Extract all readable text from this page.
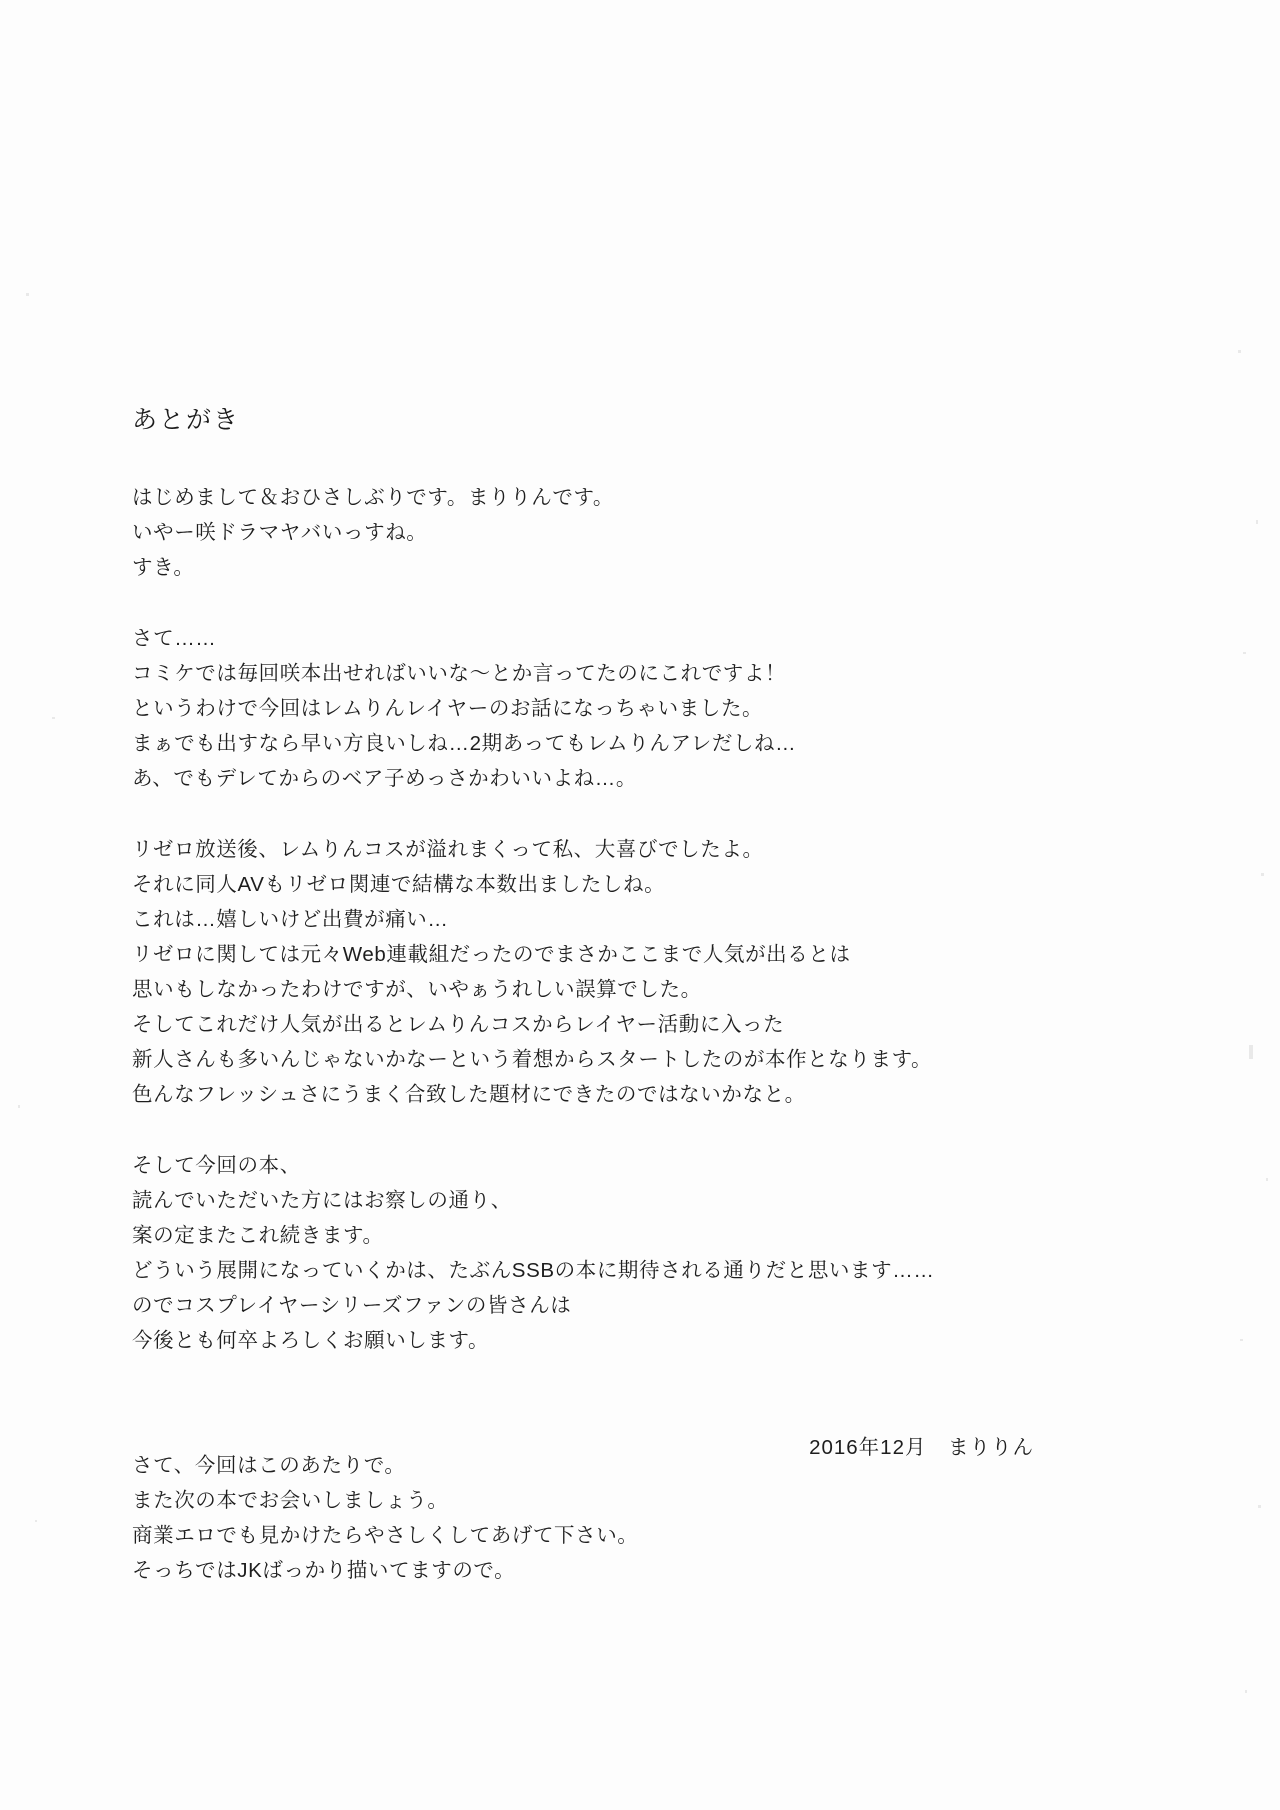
あとがき
はじめまして＆おひさしぶりです。まりりんです。
いやー咲ドラマヤバいっすね。
すき。
さて……
コミケでは毎回咲本出せればいいな〜とか言ってたのにこれですよ！
というわけで今回はレムりんレイヤーのお話になっちゃいました。
まぁでも出すなら早い方良いしね…2期あってもレムりんアレだしね…
あ、でもデレてからのベア子めっさかわいいよね…。
リゼロ放送後、レムりんコスが溢れまくって私、大喜びでしたよ。
それに同人AVもリゼロ関連で結構な本数出ましたしね。
これは…嬉しいけど出費が痛い…
リゼロに関しては元々Web連載組だったのでまさかここまで人気が出るとは
思いもしなかったわけですが、いやぁうれしい誤算でした。
そしてこれだけ人気が出るとレムりんコスからレイヤー活動に入った
新人さんも多いんじゃないかなーという着想からスタートしたのが本作となります。
色んなフレッシュさにうまく合致した題材にできたのではないかなと。
そして今回の本、
読んでいただいた方にはお察しの通り、
案の定またこれ続きます。
どういう展開になっていくかは、たぶんSSBの本に期待される通りだと思います……
のでコスプレイヤーシリーズファンの皆さんは
今後とも何卒よろしくお願いします。
さて、今回はこのあたりで。
また次の本でお会いしましょう。
商業エロでも見かけたらやさしくしてあげて下さい。
そっちではJKばっかり描いてますので。
2016年12月　まりりん
